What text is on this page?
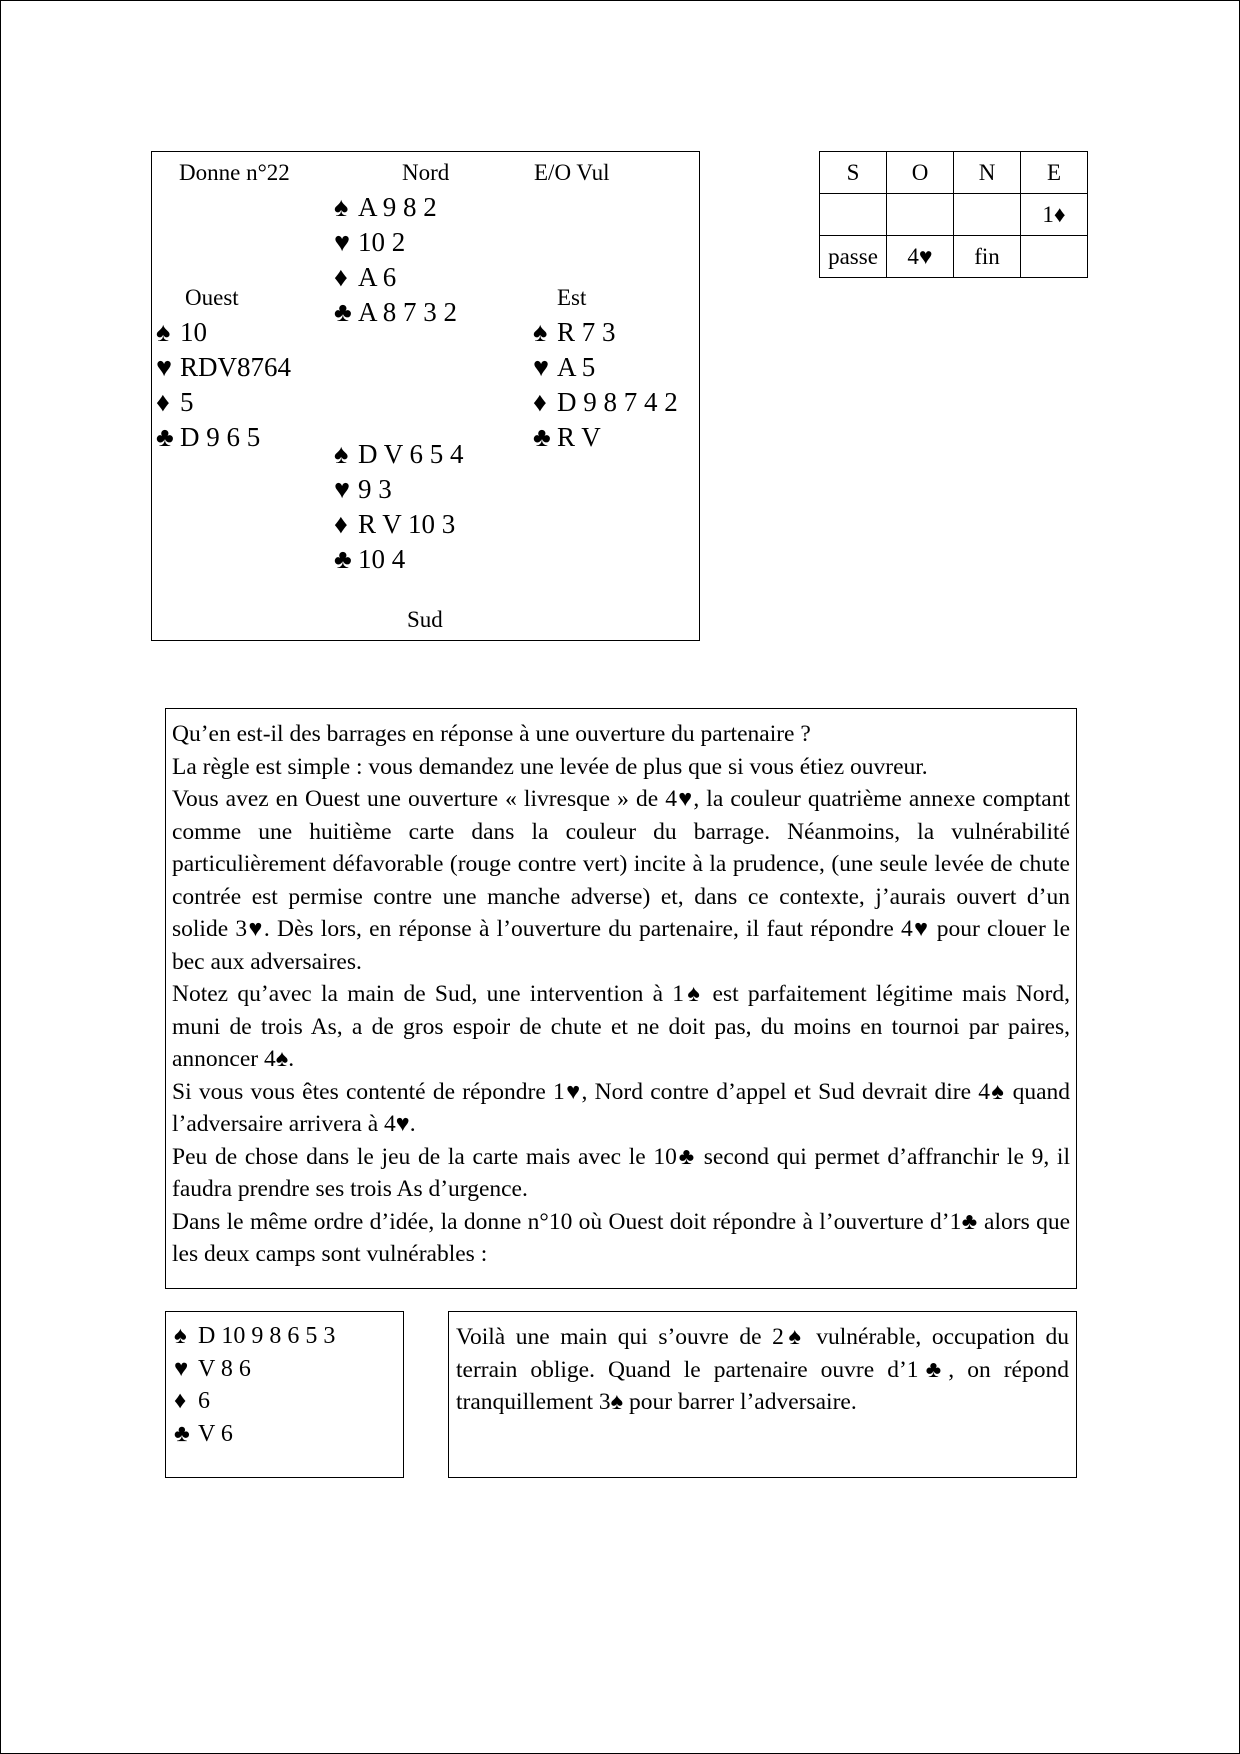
Donne n°22	Nord	E/O Vul
♠ A 9 8 2
♥ 10 2
♦ A 6
♣ A 8 7 3 2
Ouest	Est
♠ 10
♥ RDV8764
♦ 5
♣ D 9 6 5
♠ R 7 3
♥ A 5
♦ D 9 8 7 4 2
♣ R V
♠ D V 6 5 4
♥ 9 3
♦ R V 10 3
♣ 10 4
Sud
S	O	N	E
			1♦
passe	4♥	fin	

Qu’en est-il des barrages en réponse à une ouverture du partenaire ?

La règle est simple : vous demandez une levée de plus que si vous étiez ouvreur.

Vous avez en Ouest une ouverture « livresque » de 4♥, la couleur quatrième annexe comptant comme une huitième carte dans la couleur du barrage. Néanmoins, la vulnérabilité particulièrement défavorable (rouge contre vert) incite à la prudence, (une seule levée de chute contrée est permise contre une manche adverse) et, dans ce contexte, j’aurais ouvert d’un solide 3♥. Dès lors, en réponse à l’ouverture du partenaire, il faut répondre 4♥ pour clouer le bec aux adversaires.

Notez qu’avec la main de Sud, une intervention à 1♠ est parfaitement légitime mais Nord, muni de trois As, a de gros espoir de chute et ne doit pas, du moins en tournoi par paires, annoncer 4♠.

Si vous vous êtes contenté de répondre 1♥, Nord contre d’appel et Sud devrait dire 4♠ quand l’adversaire arrivera à 4♥.

Peu de chose dans le jeu de la carte mais avec le 10♣ second qui permet d’affranchir le 9, il faudra prendre ses trois As d’urgence.

Dans le même ordre d’idée, la donne n°10 où Ouest doit répondre à l’ouverture d’1♣ alors que les deux camps sont vulnérables :

♠ D 10 9 8 6 5 3
♥ V 8 6
♦ 6
♣ V 6

Voilà une main qui s’ouvre de 2♠ vulnérable, occupation du terrain oblige. Quand le partenaire ouvre d’1♣, on répond tranquillement 3♠ pour barrer l’adversaire.
